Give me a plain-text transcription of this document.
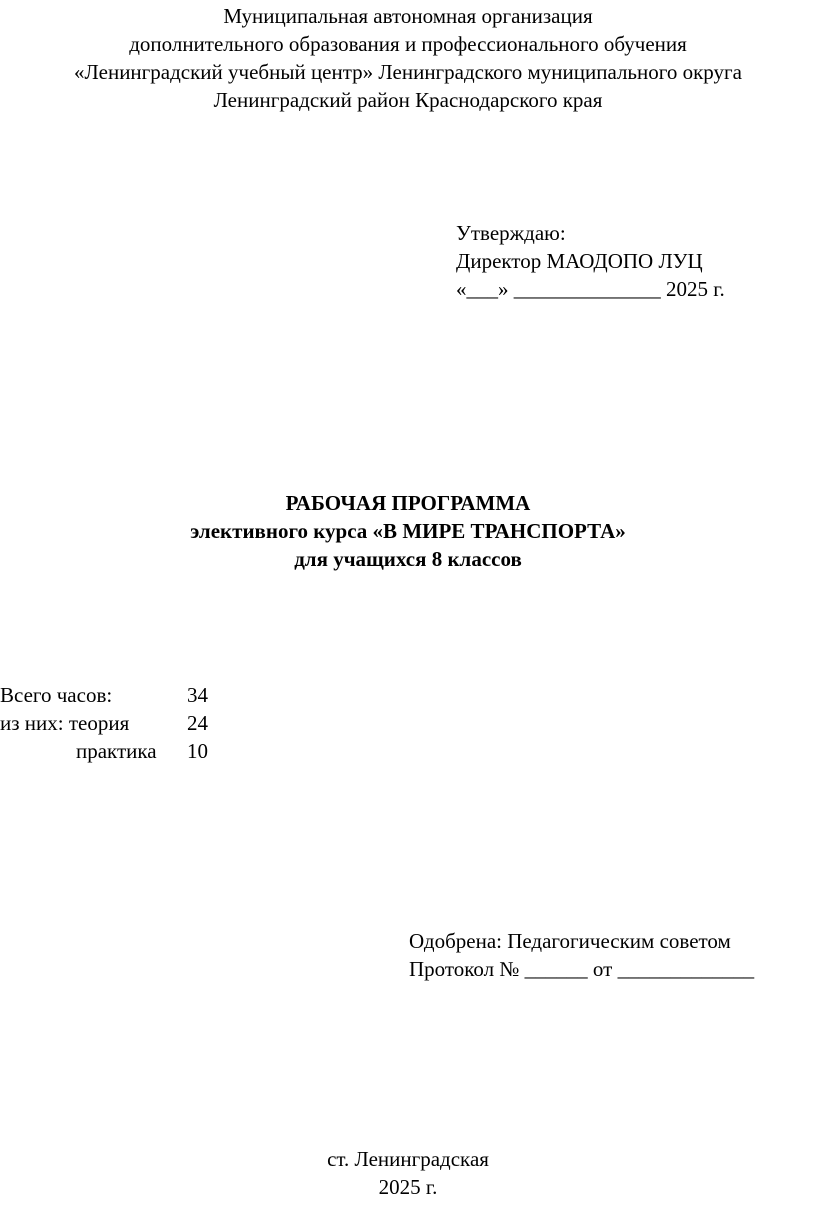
Муниципальная автономная организация
дополнительного образования и профессионального обучения
«Ленинградский учебный центр» Ленинградского муниципального округа
Ленинградский район Краснодарского края
Утверждаю:
Директор МАОДОПО ЛУЦ
«___» ______________ 2025 г.
РАБОЧАЯ ПРОГРАММА
элективного курса «В МИРЕ ТРАНСПОРТА»
для учащихся 8 классов
Всего часов:	34
из них: теория	24
практика 10
Одобрена: Педагогическим советом
Протокол № ______ от _____________
ст. Ленинградская
2025 г.
